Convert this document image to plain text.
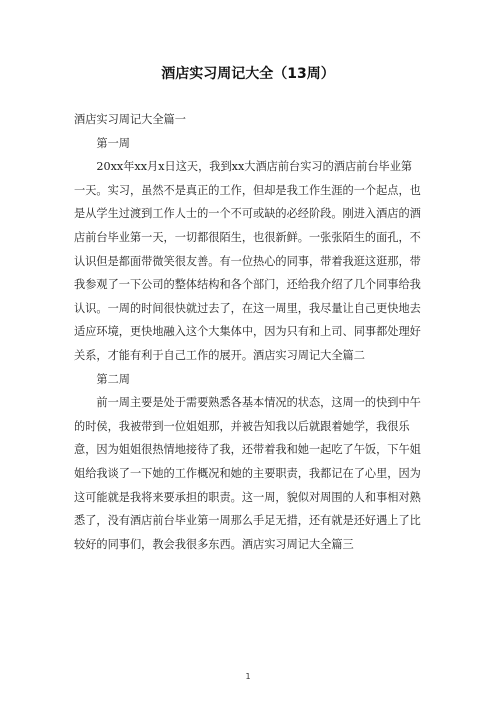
酒店实习周记大全（13周）

酒店实习周记大全篇一

第一周

20xx年xx月x日这天，我到xx大酒店前台实习的酒店前台毕业第一天。实习，虽然不是真正的工作，但却是我工作生涯的一个起点，也是从学生过渡到工作人士的一个不可或缺的必经阶段。刚进入酒店的酒店前台毕业第一天，一切都很陌生，也很新鲜。一张张陌生的面孔，不认识但是都面带微笑很友善。有一位热心的同事，带着我逛这逛那，带我参观了一下公司的整体结构和各个部门，还给我介绍了几个同事给我认识。一周的时间很快就过去了，在这一周里，我尽量让自己更快地去适应环境，更快地融入这个大集体中，因为只有和上司、同事都处理好关系，才能有利于自己工作的展开。酒店实习周记大全篇二

第二周

前一周主要是处于需要熟悉各基本情况的状态，这周一的快到中午的时侯，我被带到一位姐姐那，并被告知我以后就跟着她学，我很乐意，因为姐姐很热情地接待了我，还带着我和她一起吃了午饭，下午姐姐给我谈了一下她的工作概况和她的主要职责，我都记在了心里，因为这可能就是我将来要承担的职责。这一周，貌似对周围的人和事相对熟悉了，没有酒店前台毕业第一周那么手足无措，还有就是还好遇上了比较好的同事们，教会我很多东西。酒店实习周记大全篇三

1
